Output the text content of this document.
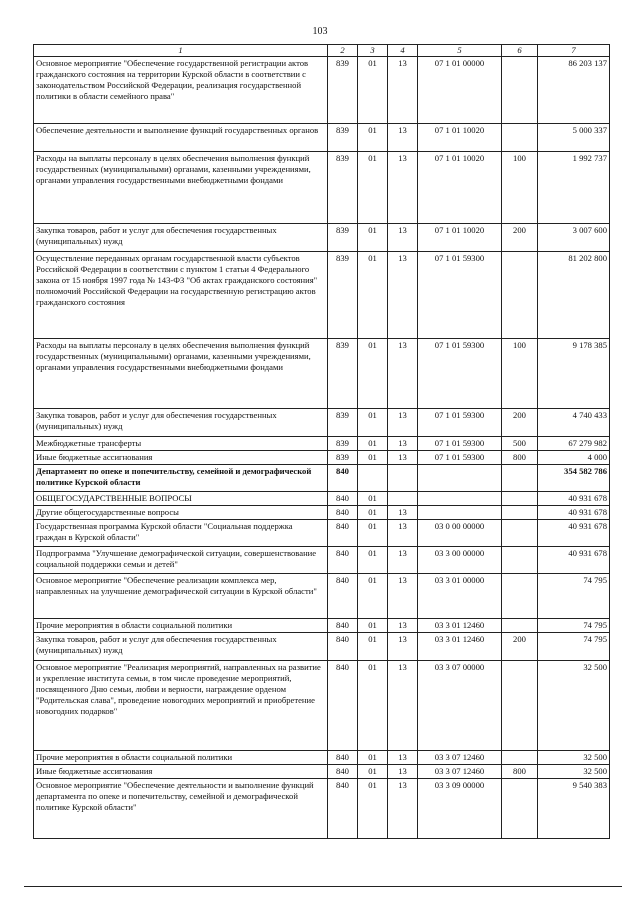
103
1	2	3	4	5	6	7
Основное мероприятие "Обеспечение государственной регистрации актов гражданского состояния на территории Курской области в соответствии с законодательством Российской Федерации, реализация государственной политики в области семейного права"	839	01	13	07 1 01 00000		86 203 137
Обеспечение деятельности и выполнение функций государственных органов	839	01	13	07 1 01 10020		5 000 337
Расходы на выплаты персоналу в целях обеспечения выполнения функций государственных (муниципальными) органами, казенными учреждениями, органами управления государственными внебюджетными фондами	839	01	13	07 1 01 10020	100	1 992 737
Закупка товаров, работ и услуг для обеспечения государственных (муниципальных) нужд	839	01	13	07 1 01 10020	200	3 007 600
Осуществление переданных органам государственной власти субъектов Российской Федерации в соответствии с пунктом 1 статьи 4 Федерального закона от 15 ноября 1997 года № 143-ФЗ "Об актах гражданского состояния" полномочий Российской Федерации на государственную регистрацию актов гражданского состояния	839	01	13	07 1 01 59300		81 202 800
Расходы на выплаты персоналу в целях обеспечения выполнения функций государственных (муниципальными) органами, казенными учреждениями, органами управления государственными внебюджетными фондами	839	01	13	07 1 01 59300	100	9 178 385
Закупка товаров, работ и услуг для обеспечения государственных (муниципальных) нужд	839	01	13	07 1 01 59300	200	4 740 433
Межбюджетные трансферты	839	01	13	07 1 01 59300	500	67 279 982
Иные бюджетные ассигнования	839	01	13	07 1 01 59300	800	4 000
Департамент по опеке и попечительству, семейной и демографической политике Курской области	840					354 582 786
ОБЩЕГОСУДАРСТВЕННЫЕ ВОПРОСЫ	840	01				40 931 678
Другие общегосударственные вопросы	840	01	13			40 931 678
Государственная программа Курской области "Социальная поддержка граждан в Курской области"	840	01	13	03 0 00 00000		40 931 678
Подпрограмма "Улучшение демографической ситуации, совершенствование социальной поддержки семьи и детей"	840	01	13	03 3 00 00000		40 931 678
Основное мероприятие "Обеспечение реализации комплекса мер, направленных на улучшение демографической ситуации в Курской области"	840	01	13	03 3 01 00000		74 795
Прочие мероприятия в области социальной политики	840	01	13	03 3 01 12460		74 795
Закупка товаров, работ и услуг для обеспечения государственных (муниципальных) нужд	840	01	13	03 3 01 12460	200	74 795
Основное мероприятие "Реализация мероприятий, направленных на развитие и укрепление института семьи, в том числе проведение мероприятий, посвященного Дню семьи, любви и верности, награждение орденом "Родительская слава", проведение новогодних мероприятий и приобретение новогодних подарков"	840	01	13	03 3 07 00000		32 500
Прочие мероприятия в области социальной политики	840	01	13	03 3 07 12460		32 500
Иные бюджетные ассигнования	840	01	13	03 3 07 12460	800	32 500
Основное мероприятие "Обеспечение деятельности и выполнение функций департамента по опеке и попечительству, семейной и демографической политике Курской области"	840	01	13	03 3 09 00000		9 540 383
